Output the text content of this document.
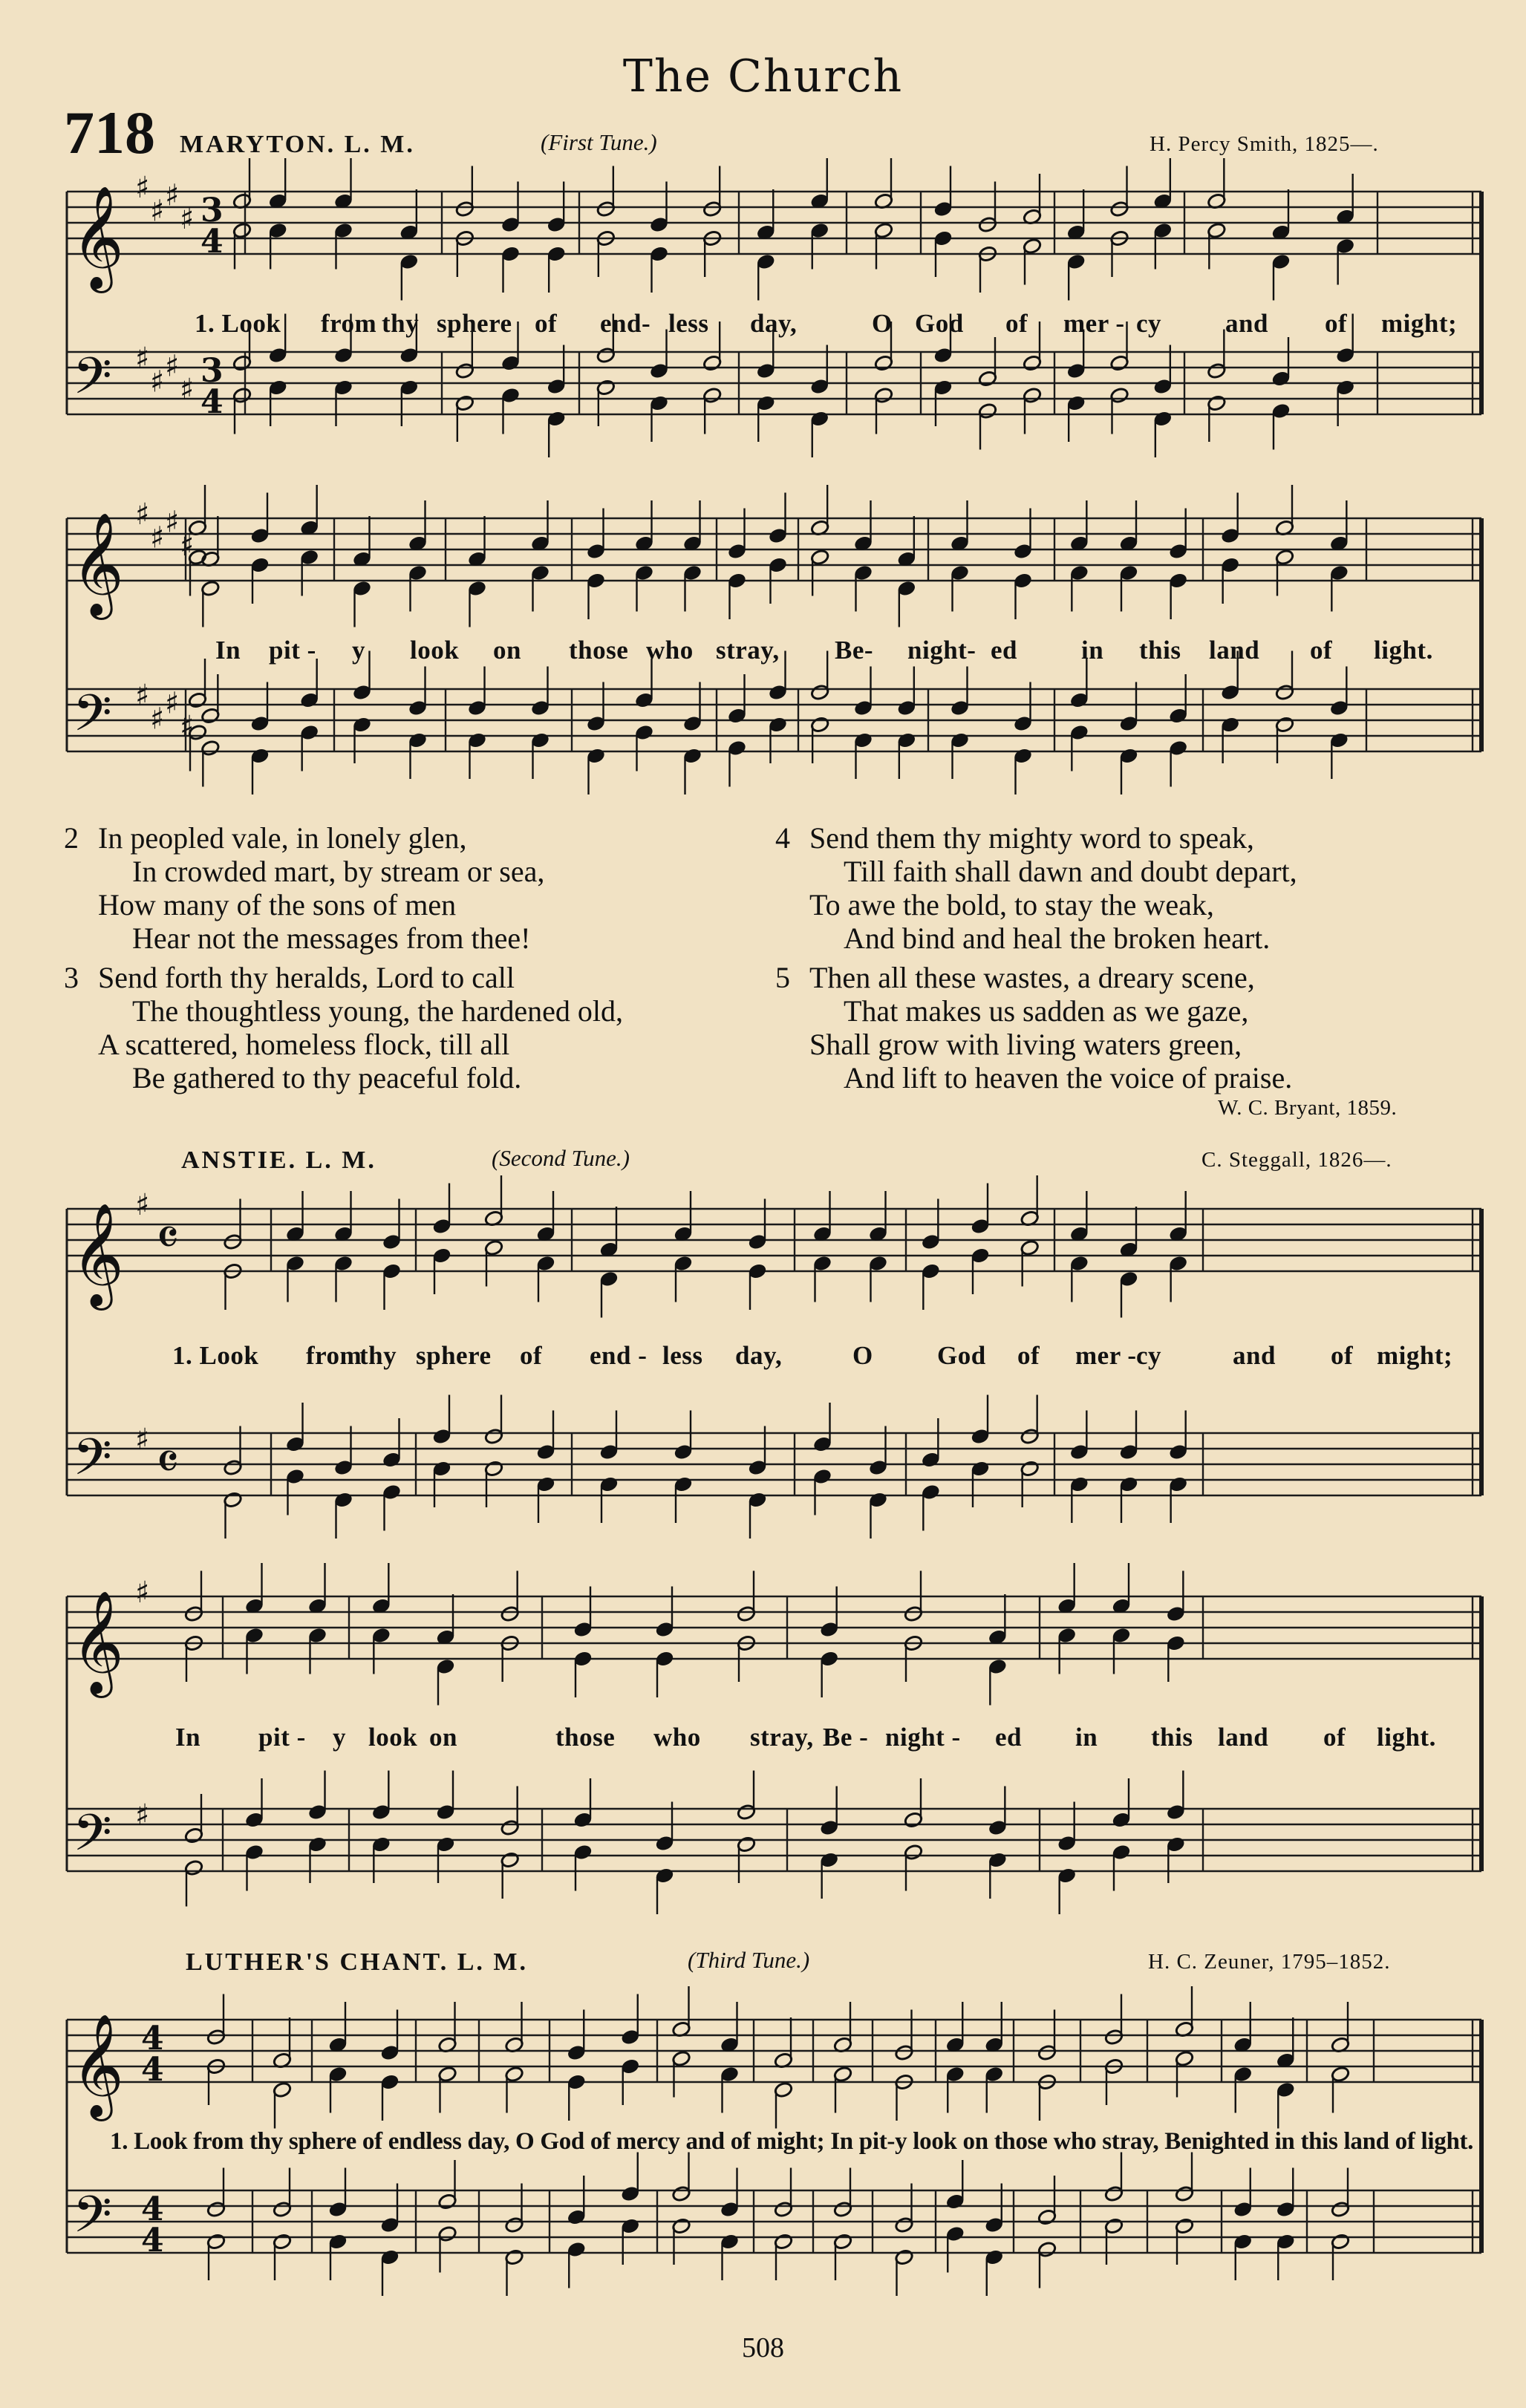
The Church
718 MARYTON. L. M.	(First Tune.)	H. Percy Smith, 1825—.
𝄞
𝄢
♯
♯
♯
♯
♯
♯
♯
♯
3
4
3
4
𝄞
𝄢
♯
♯
♯
♯
♯
♯
♯
♯
𝄞
𝄢
♯
♯
𝄴
𝄴
𝄞
𝄢
♯
♯
𝄞
𝄢
4
4
4
4
1. Look from thy sphere of end- less day,	O God of mer - cy and of might;
In pit - y look on those who stray, Be- night- ed in this land of light.
2 In peopled vale, in lonely glen,
In crowded mart, by stream or sea,
How many of the sons of men
Hear not the messages from thee!
3 Send forth thy heralds, Lord to call
The thoughtless young, the hardened old,
A scattered, homeless flock, till all
Be gathered to thy peaceful fold.
4 Send them thy mighty word to speak,
Till faith shall dawn and doubt depart,
To awe the bold, to stay the weak,
And bind and heal the broken heart.
5 Then all these wastes, a dreary scene,
That makes us sadden as we gaze,
Shall grow with living waters green,
And lift to heaven the voice of praise.
W. C. Bryant, 1859.
ANSTIE. L. M.	(Second Tune.)	C. Steggall, 1826—.
1. Look from
thy sphere of end - less day,	O God of mer - cy	and of might;
In pit - y look on	those who stray, Be - night - ed in this land of light.
LUTHER'S CHANT. L. M.	(Third Tune.)	H. C. Zeuner, 1795–1852.
1. Look from thy sphere of endless day, O God of mercy and of might; In pit-y look on those who stray, Benighted in this land of light.
508
